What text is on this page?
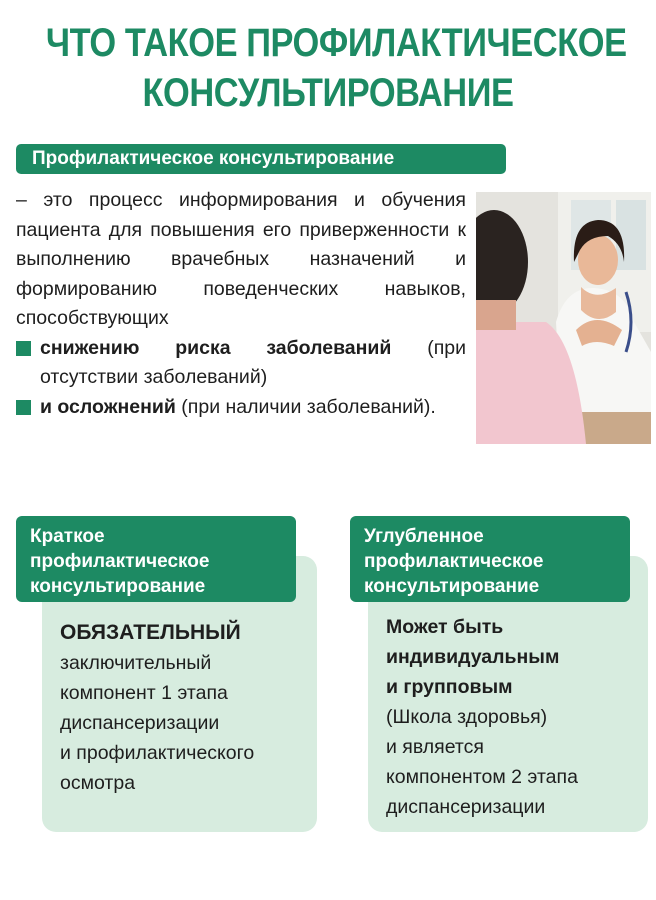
ЧТО ТАКОЕ ПРОФИЛАКТИЧЕСКОЕ
КОНСУЛЬТИРОВАНИЕ
Профилактическое консультирование
– это процесс информирования и обучения пациента для повышения его приверженности к выполнению врачебных назначений и формированию поведенческих навыков, способствующих
снижению риска заболеваний (при отсутствии заболеваний)
и осложнений (при наличии заболеваний).
Краткое профилактическое консультирование
Углубленное профилактическое консультирование
ОБЯЗАТЕЛЬНЫЙ
заключительный
компонент 1 этапа
диспансеризации
и профилактического
осмотра
Может быть
индивидуальным
и групповым
(Школа здоровья)
и является
компонентом 2 этапа
диспансеризации
